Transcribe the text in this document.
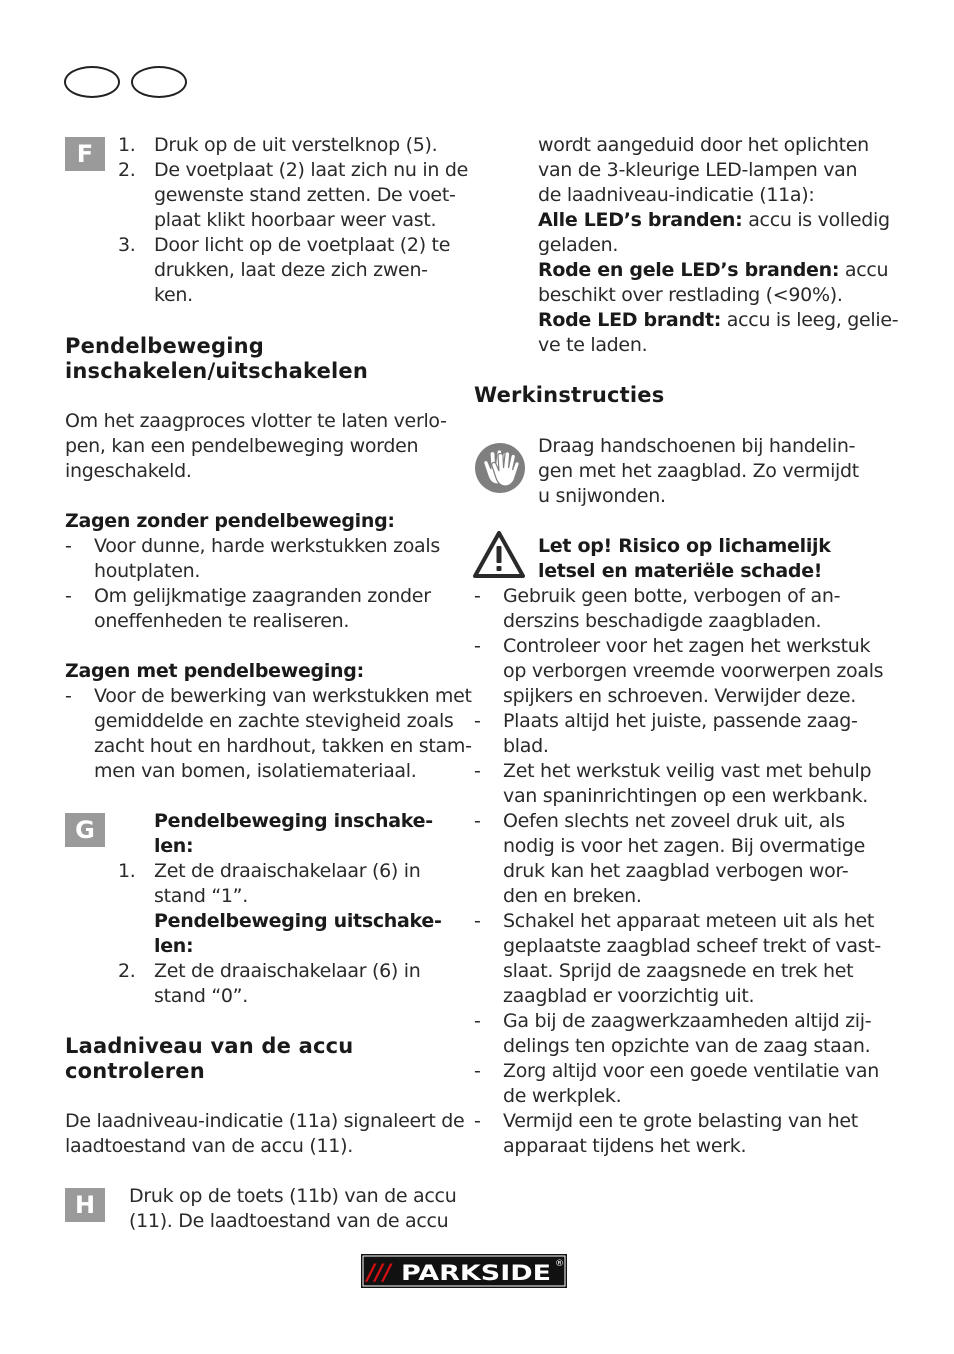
F	1. Druk op de uit verstelknop (5).
2. De voetplaat (2) laat zich nu in de
gewenste stand zetten. De voet-
plaat klikt hoorbaar weer vast.
3. Door licht op de voetplaat (2) te
drukken, laat deze zich zwen-
ken.
Pendelbeweging
inschakelen/uitschakelen
Om het zaagproces vlotter te laten verlo-
pen, kan een pendelbeweging worden
ingeschakeld.
Zagen zonder pendelbeweging:
- Voor dunne, harde werkstukken zoals
houtplaten.
- Om gelijkmatige zaagranden zonder
oneffenheden te realiseren.
Zagen met pendelbeweging:
- Voor de bewerking van werkstukken met
gemiddelde en zachte stevigheid zoals
zacht hout en hardhout, takken en stam-
men van bomen, isolatiemateriaal.
Pendelbeweging inschake-
len:
1. Zet de draaischakelaar (6) in
stand “1”.
Pendelbeweging uitschake-
len:
2. Zet de draaischakelaar (6) in
stand “0”.
Laadniveau van de accu
controleren
De laadniveau-indicatie (11a) signaleert de
laadtoestand van de accu (11).
Druk op de toets (11b) van de accu
(11). De laadtoestand van de accu
G
H
wordt aangeduid door het oplichten
van de 3-kleurige LED-lampen van
de laadniveau-indicatie (11a):
Alle LED’s branden: accu is volledig
geladen.
Rode en gele LED’s branden: accu
beschikt over restlading (<90%).
Rode LED brandt: accu is leeg, gelie-
ve te laden.
Werkinstructies
Draag handschoenen bij handelin-
gen met het zaagblad. Zo vermijdt
u snijwonden.
Let op! Risico op lichamelijk
letsel en materiële schade!
- Gebruik geen botte, verbogen of an-
derszins beschadigde zaagbladen.
- Controleer voor het zagen het werkstuk
op verborgen vreemde voorwerpen zoals
spijkers en schroeven. Verwijder deze.
- Plaats altijd het juiste, passende zaag-
blad.
- Zet het werkstuk veilig vast met behulp
van spaninrichtingen op een werkbank.
- Oefen slechts net zoveel druk uit, als
nodig is voor het zagen. Bij overmatige
druk kan het zaagblad verbogen wor-
den en breken.
- Schakel het apparaat meteen uit als het
geplaatste zaagblad scheef trekt of vast-
slaat. Sprijd de zaagsnede en trek het
zaagblad er voorzichtig uit.
- Ga bij de zaagwerkzaamheden altijd zij-
delings ten opzichte van de zaag staan.
- Zorg altijd voor een goede ventilatie van
de werkplek.
- Vermijd een te grote belasting van het
apparaat tijdens het werk.
/// PARKSIDE ®
